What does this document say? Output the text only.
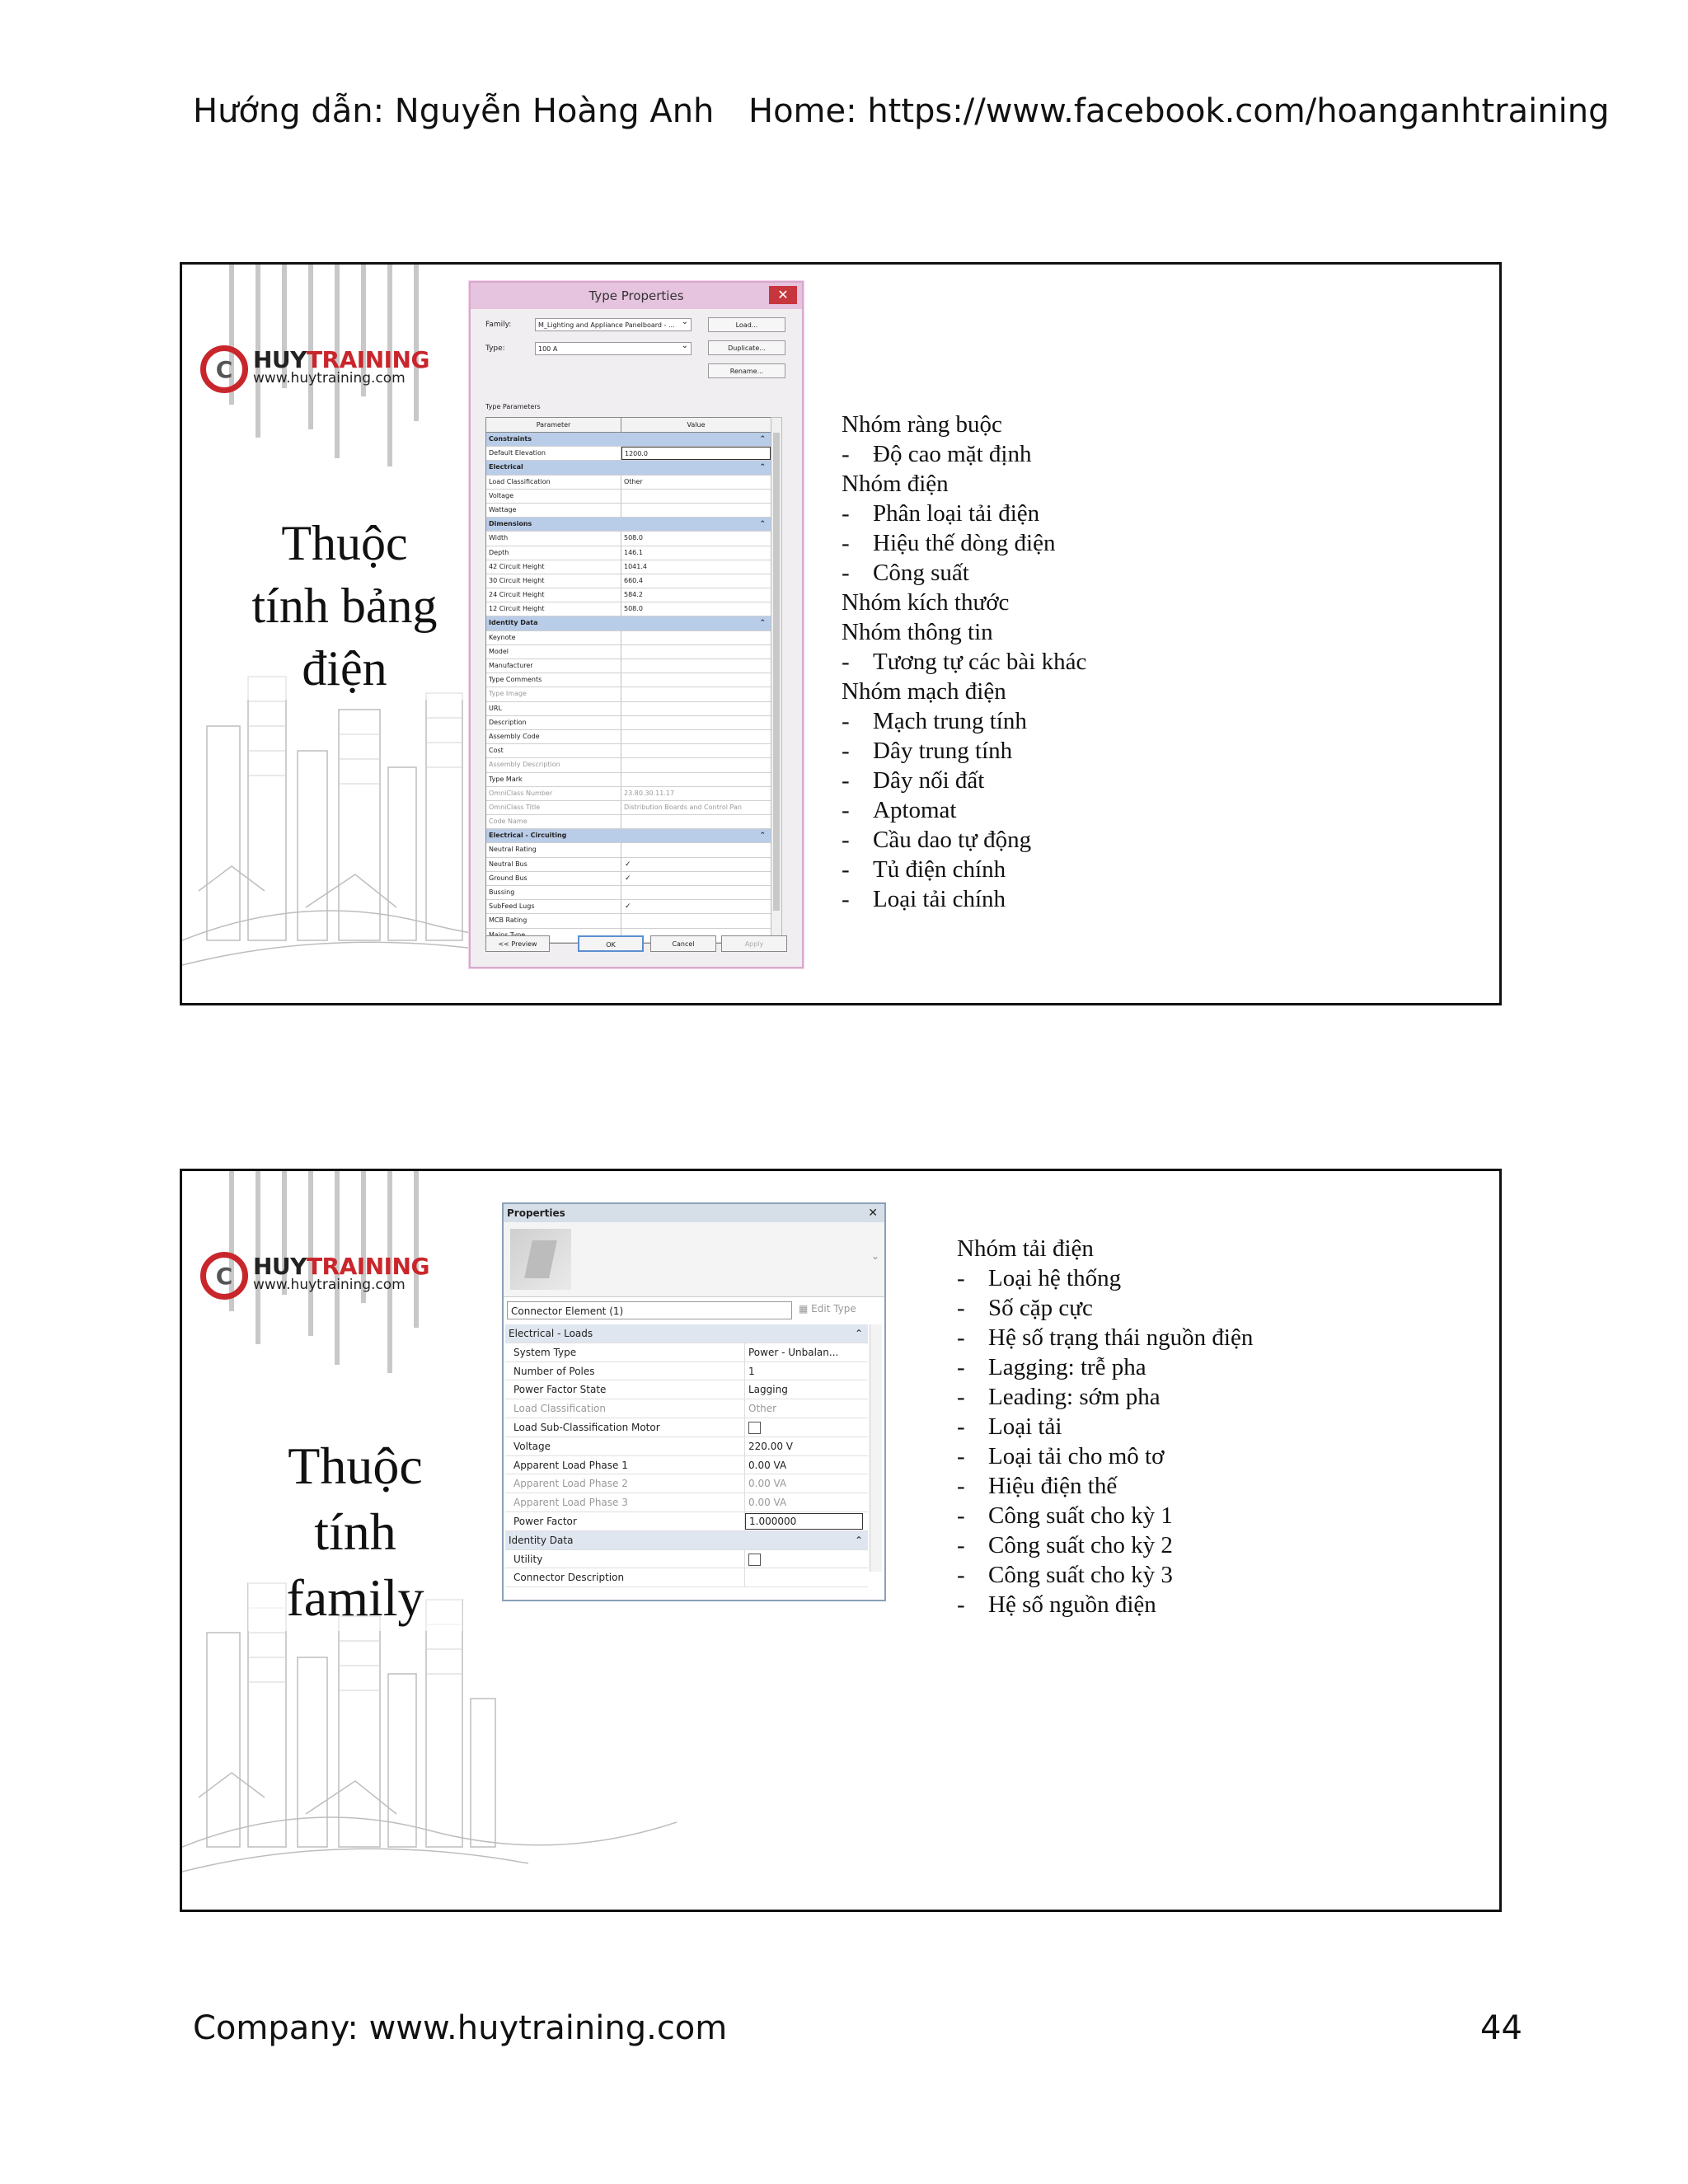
Hướng dẫn: Nguyễn Hoàng Anh Home: https://www.facebook.com/hoanganhtraining
C HUYTRAINING
www.huytraining.com
Thuộc
tính bảng
điện
Type Properties	✕
Family:	M_Lighting and Appliance Panelboard - ... ⌄
Type:	100 A ⌄
Load...
Duplicate...
Rename...
Type Parameters
Parameter	Value
Constraints	⌃
Default Elevation	1200.0
Electrical	⌃
Load Classification	Other
Voltage
Wattage
Dimensions	⌃
Width	508.0
Depth	146.1
42 Circuit Height	1041.4
30 Circuit Height	660.4
24 Circuit Height	584.2
12 Circuit Height	508.0
Identity Data	⌃
Keynote
Model
Manufacturer
Type Comments
Type Image
URL
Description
Assembly Code
Cost
Assembly Description
Type Mark
OmniClass Number	23.80.30.11.17
OmniClass Title	Distribution Boards and Control Pan
Code Name
Electrical - Circuiting	⌃
Neutral Rating
Neutral Bus	✓
Ground Bus	✓
Bussing
SubFeed Lugs	✓
MCB Rating
<< Preview	OK	Cancel	Apply
Nhóm ràng buộc
- Độ cao mặt định
Nhóm điện
- Phân loại tải điện
- Hiệu thế dòng điện
- Công suất
Nhóm kích thước
Nhóm thông tin
- Tương tự các bài khác
Nhóm mạch điện
- Mạch trung tính
- Dây trung tính
- Dây nối đất
- Aptomat
- Cầu dao tự động
- Tủ điện chính
- Loại tải chính
C HUYTRAINING
www.huytraining.com
Thuộc
tính
family
Properties	✕
⌄
Connector Element (1)	▦ Edit Type
Electrical - Loads	⌃
System Type	Power - Unbalan...
Number of Poles	1
Power Factor State	Lagging
Load Classification	Other
Load Sub-Classification Motor
Voltage	220.00 V
Apparent Load Phase 1	0.00 VA
Apparent Load Phase 2	0.00 VA
Apparent Load Phase 3	0.00 VA
Power Factor	1.000000
Identity Data	⌃
Utility
Connector Description
Nhóm tải điện
- Loại hệ thống
- Số cặp cực
- Hệ số trạng thái nguồn điện
- Lagging: trễ pha
- Leading: sớm pha
- Loại tải
- Loại tải cho mô tơ
- Hiệu điện thế
- Công suất cho kỳ 1
- Công suất cho kỳ 2
- Công suất cho kỳ 3
- Hệ số nguồn điện
Company: www.huytraining.com	44
